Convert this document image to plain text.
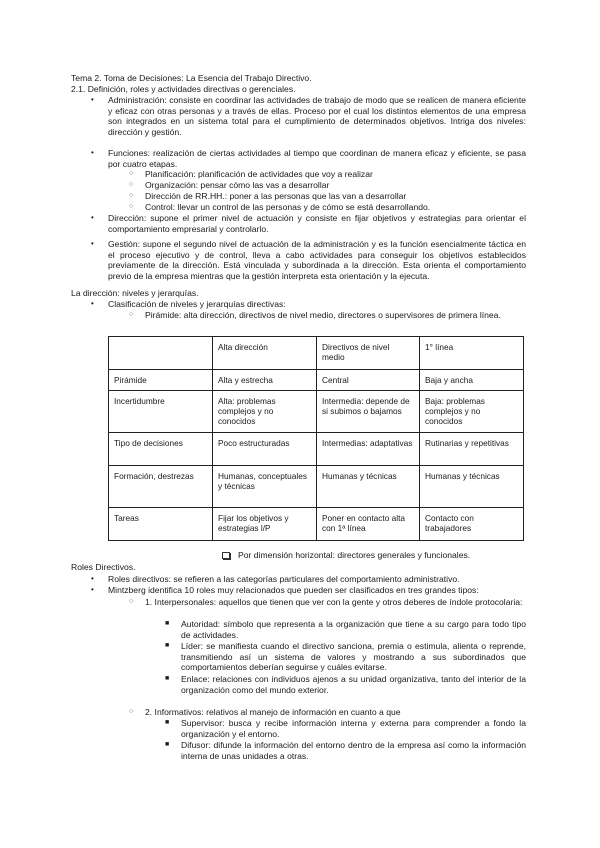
Tema 2. Toma de Decisiones: La Esencia del Trabajo Directivo.
2.1. Definición, roles y actividades directivas o gerenciales.
• Administración: consiste en coordinar las actividades de trabajo de modo que se realicen de manera eficiente y eficaz con otras personas y a través de ellas. Proceso por el cual los distintos elementos de una empresa son integrados en un sistema total para el cumplimiento de determinados objetivos. Intriga dos niveles: dirección y gestión.
• Funciones: realización de ciertas actividades al tiempo que coordinan de manera eficaz y eficiente, se pasa por cuatro etapas.
○ Planificación: planificación de actividades que voy a realizar
○ Organización: pensar cómo las vas a desarrollar
○ Dirección de RR.HH.: poner a las personas que las van a desarrollar
○ Control: llevar un control de las personas y de cómo se está desarrollando.
• Dirección: supone el primer nivel de actuación y consiste en fijar objetivos y estrategias para orientar el comportamiento empresarial y controlarlo.
• Gestión: supone el segundo nivel de actuación de la administración y es la función esencialmente táctica en el proceso ejecutivo y de control, lleva a cabo actividades para conseguir los objetivos establecidos previamente de la dirección. Está vinculada y subordinada a la dirección. Esta orienta el comportamiento previo de la empresa mientras que la gestión interpreta esta orientación y la ejecuta.
La dirección: niveles y jerarquías.
• Clasificación de niveles y jerarquías directivas:
○ Pirámide: alta dirección, directivos de nivel medio, directores o supervisores de primera línea.
	Alta dirección	Directivos de nivel medio	1° línea
Pirámide	Alta y estrecha	Central	Baja y ancha
Incertidumbre	Alta: problemas complejos y no conocidos	Intermedia: depende de si subimos o bajamos	Baja: problemas complejos y no conocidos
Tipo de decisiones	Poco estructuradas	Intermedias: adaptativas	Rutinarias y repetitivas
Formación, destrezas	Humanas, conceptuales y técnicas	Humanas y técnicas	Humanas y técnicas
Tareas	Fijar los objetivos y estrategias l/P	Poner en contacto alta con 1ª línea	Contacto con trabajadores
Por dimensión horizontal: directores generales y funcionales.
Roles Directivos.
• Roles directivos: se refieren a las categorías particulares del comportamiento administrativo.
• Mintzberg identifica 10 roles muy relacionados que pueden ser clasificados en tres grandes tipos:
○ 1. Interpersonales: aquellos que tienen que ver con la gente y otros deberes de índole protocolaria:
■ Autoridad: símbolo que representa a la organización que tiene a su cargo para todo tipo de actividades.
■ Líder: se manifiesta cuando el directivo sanciona, premia o estimula, alienta o reprende, transmitiendo así un sistema de valores y mostrando a sus subordinados que comportamientos deberían seguirse y cuáles evitarse.
■ Enlace: relaciones con individuos ajenos a su unidad organizativa, tanto del interior de la organización como del mundo exterior.
○ 2. Informativos: relativos al manejo de información en cuanto a que
■ Supervisor: busca y recibe información interna y externa para comprender a fondo la organización y el entorno.
■ Difusor: difunde la información del entorno dentro de la empresa así como la información interna de unas unidades a otras.
